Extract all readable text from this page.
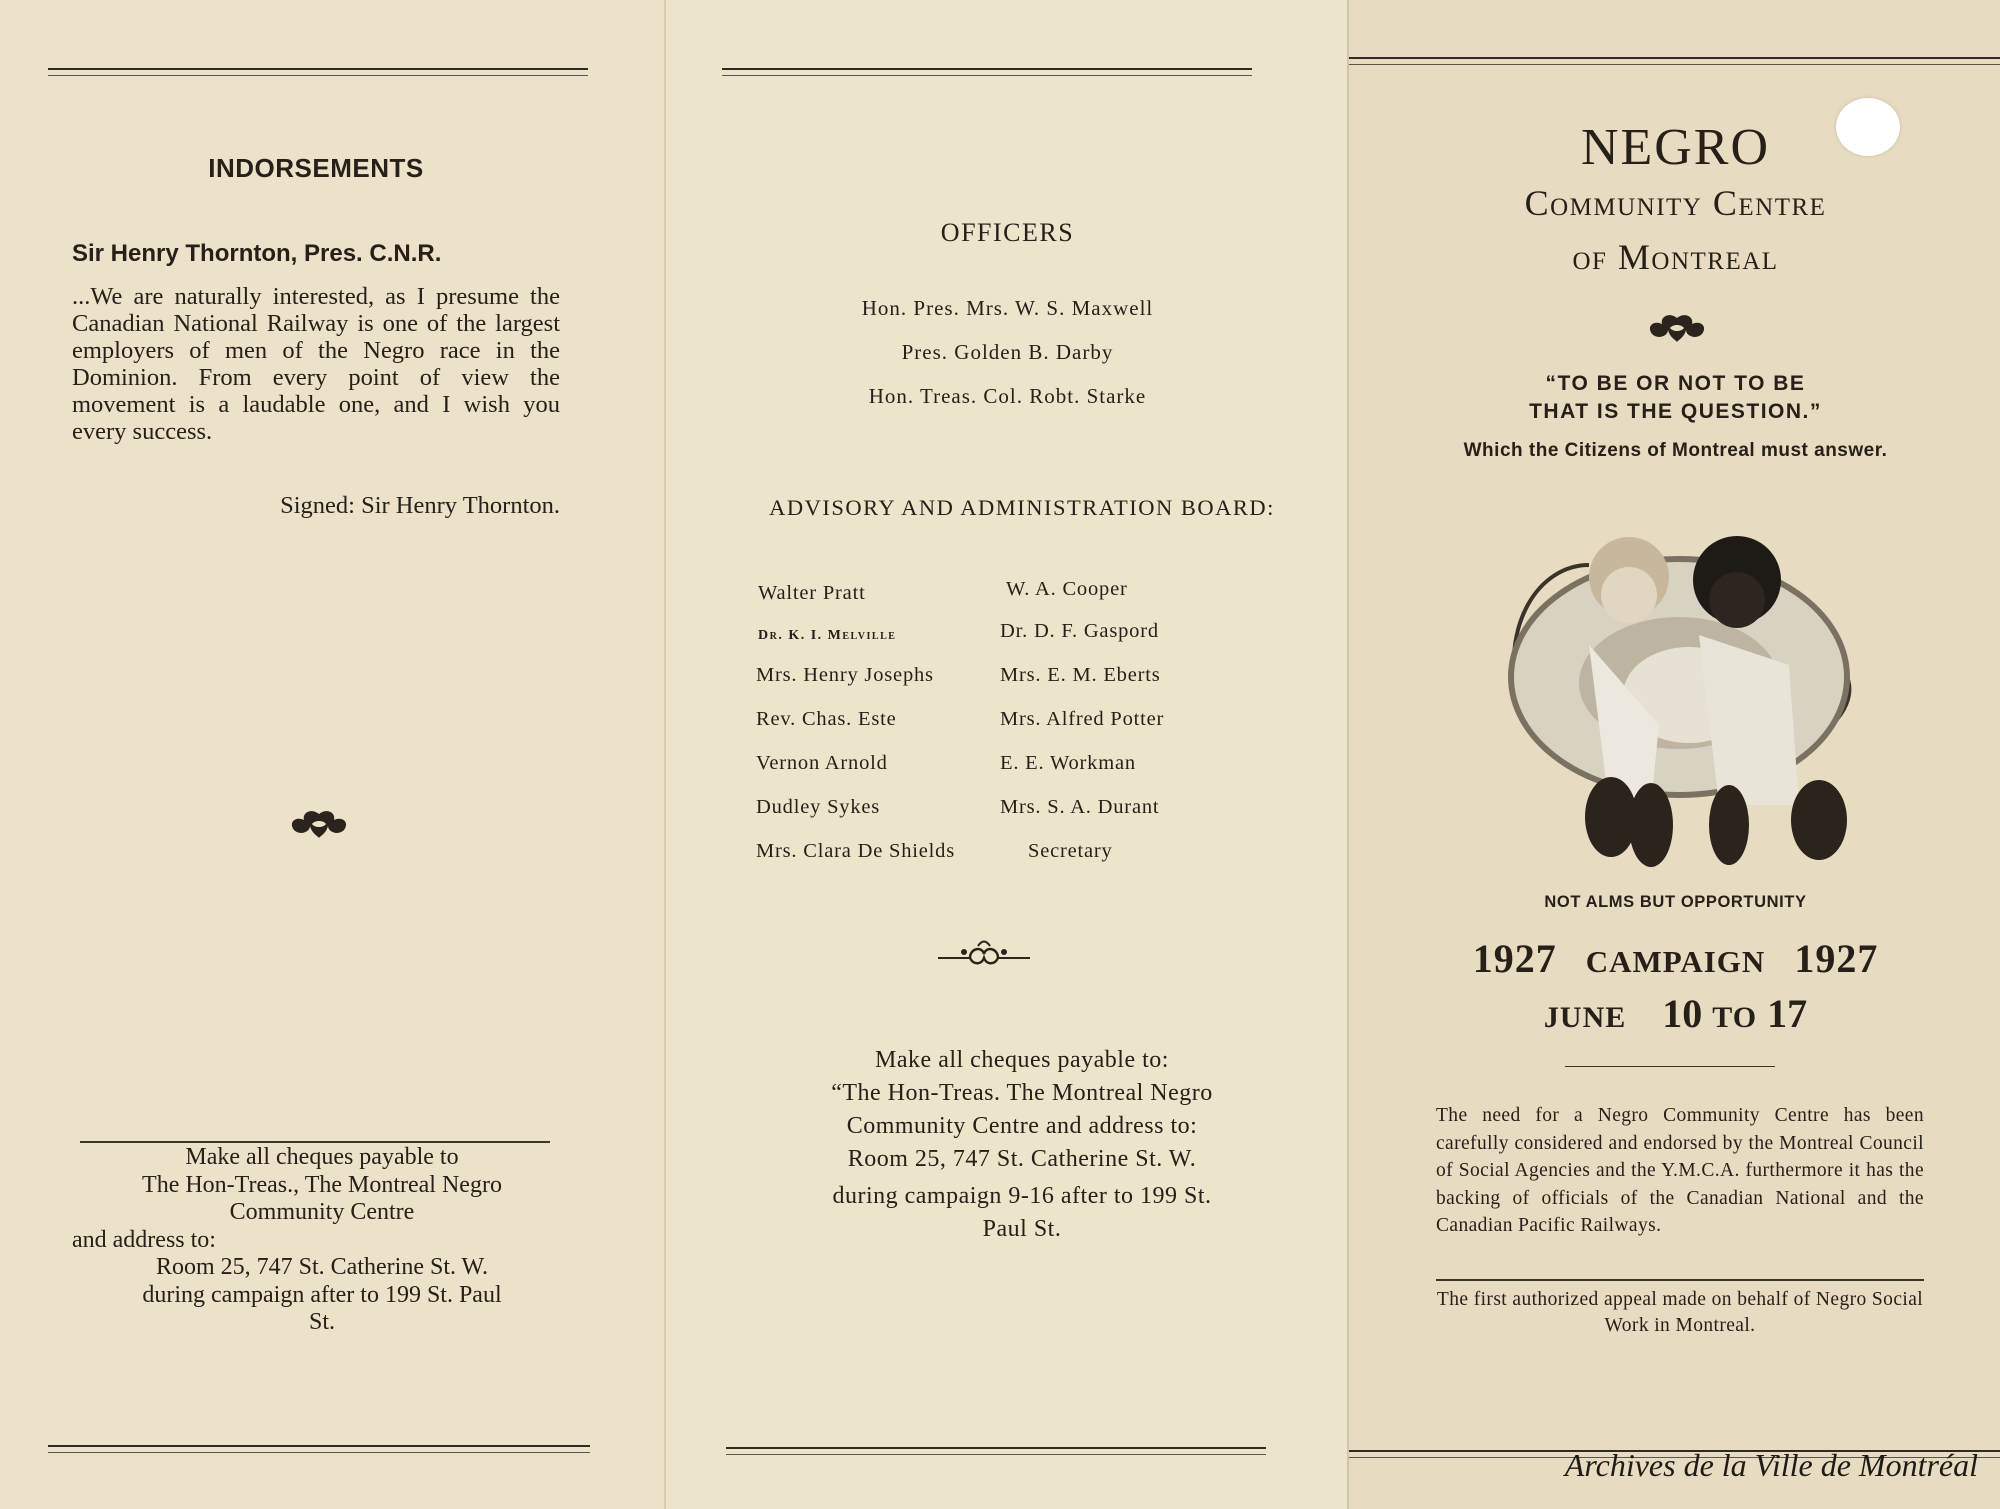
INDORSEMENTS
Sir Henry Thornton, Pres. C.N.R.
...We are naturally interested, as I presume the Canadian National Railway is one of the largest employers of men of the Negro race in the Dominion. From every point of view the movement is a laudable one, and I wish you every success.
Signed: Sir Henry Thornton.
Make all cheques payable to
The Hon-Treas., The Montreal Negro
Community Centre
and address to:
Room 25, 747 St. Catherine St. W.
during campaign after to 199 St. Paul
St.
OFFICERS
Hon. Pres. Mrs. W. S. Maxwell
Pres. Golden B. Darby
Hon. Treas. Col. Robt. Starke
ADVISORY AND ADMINISTRATION BOARD:
Walter Pratt	W. A. Cooper
Dr. K. I. Melville	Dr. D. F. Gaspord
Mrs. Henry Josephs	Mrs. E. M. Eberts
Rev. Chas. Este	Mrs. Alfred Potter
Vernon Arnold	E. E. Workman
Dudley Sykes	Mrs. S. A. Durant
Mrs. Clara De Shields	Secretary
Make all cheques payable to:
“The Hon-Treas. The Montreal Negro
Community Centre and address to:
Room 25, 747 St. Catherine St. W.
during campaign 9-16 after to 199 St.
Paul St.
NEGRO
Community Centre
of Montreal
“TO BE OR NOT TO BE
THAT IS THE QUESTION.”
Which the Citizens of Montreal must answer.
NOT ALMS BUT OPPORTUNITY
1927 CAMPAIGN 1927
JUNE 10 TO 17
The need for a Negro Community Centre has been carefully considered and endorsed by the Montreal Council of Social Agencies and the Y.M.C.A. furthermore it has the backing of officials of the Canadian National and the Canadian Pacific Railways.
The first authorized appeal made on behalf of Negro Social Work in Montreal.
Archives de la Ville de Montréal
